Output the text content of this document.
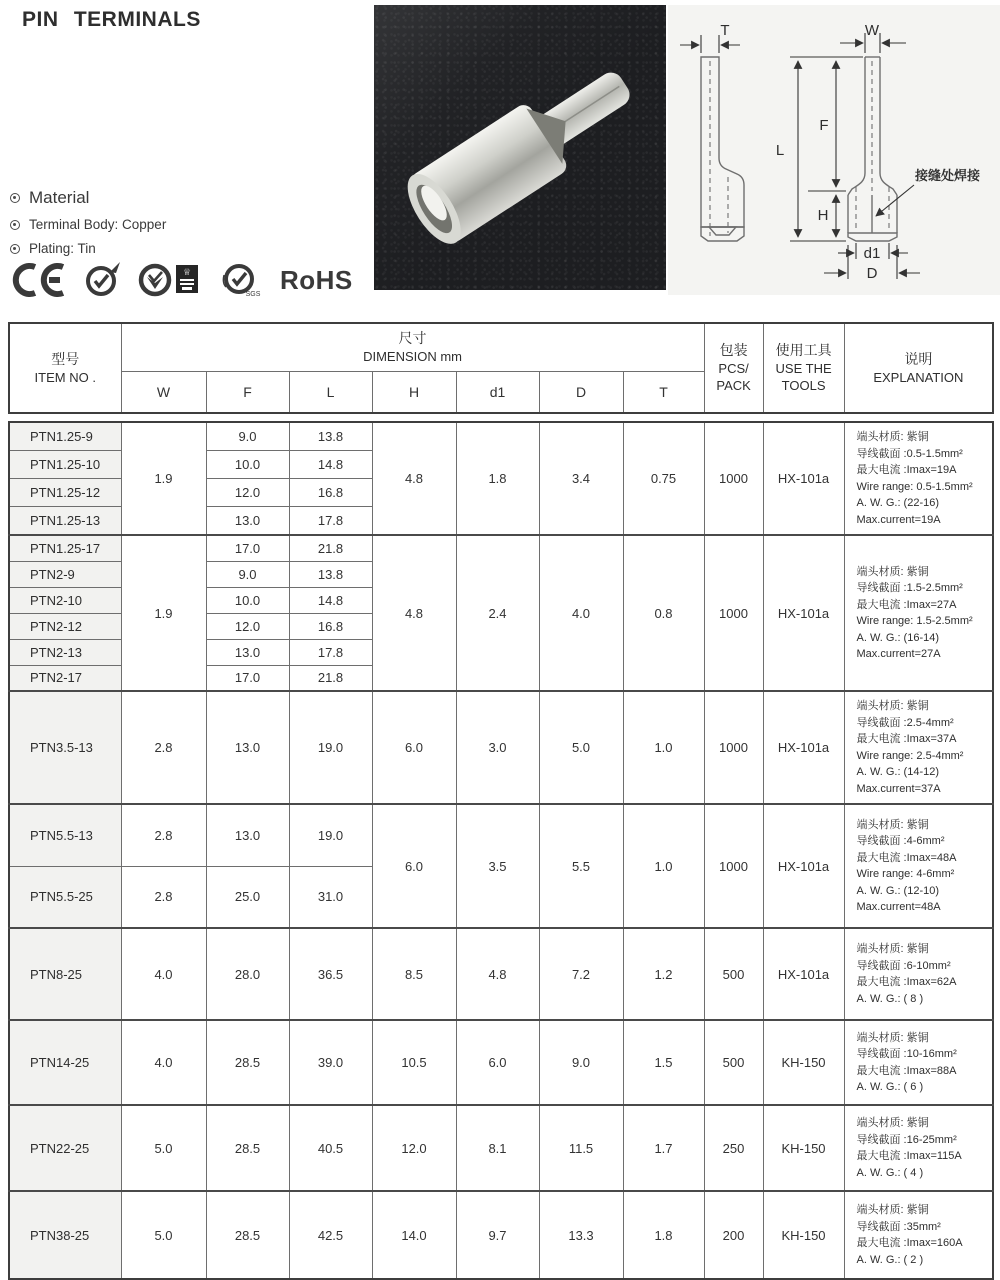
PIN TERMINALS
Material
Terminal Body: Copper
Plating: Tin
♕
SGS RoHS
T	W
L
F
H
d1
D
接缝处焊接
型号
ITEM NO .

尺寸
DIMENSION mm	包装
PCS/
PACK

使用工具
USE THE
TOOLS

说明
EXPLANATION

	W	F	L	H	d1	D	T			
PTN1.25-9	1.9	9.0	13.8	4.8	1.8	3.4	0.75	1000	HX-101a	
端头材质: 紫铜
导线截面 :0.5-1.5mm²
最大电流 :Imax=19A
Wire range: 0.5-1.5mm²
A. W. G.: (22-16)
Max.current=19A

PTN1.25-10		10.0	14.8							
PTN1.25-12		12.0	16.8							
PTN1.25-13		13.0	17.8							
PTN1.25-17	1.9	17.0	21.8	4.8	2.4	4.0	0.8	1000	HX-101a	
端头材质: 紫铜
导线截面 :1.5-2.5mm²
最大电流 :Imax=27A
Wire range: 1.5-2.5mm²
A. W. G.: (16-14)
Max.current=27A

PTN2-9		9.0	13.8							
PTN2-10		10.0	14.8							
PTN2-12		12.0	16.8							
PTN2-13		13.0	17.8							
PTN2-17		17.0	21.8							
PTN3.5-13	2.8	13.0	19.0	6.0	3.0	5.0	1.0	1000	HX-101a	
端头材质: 紫铜
导线截面 :2.5-4mm²
最大电流 :Imax=37A
Wire range: 2.5-4mm²
A. W. G.: (14-12)
Max.current=37A

PTN5.5-13	2.8	13.0	19.0	6.0	3.5	5.5	1.0	1000	HX-101a	
端头材质: 紫铜
导线截面 :4-6mm²
最大电流 :Imax=48A
Wire range: 4-6mm²
A. W. G.: (12-10)
Max.current=48A

PTN5.5-25	2.8	25.0	31.0							
PTN8-25	4.0	28.0	36.5	8.5	4.8	7.2	1.2	500	HX-101a	端头材质: 紫铜
导线截面 :6-10mm²
最大电流 :Imax=62A
A. W. G.: ( 8 )

PTN14-25	4.0	28.5	39.0	10.5	6.0	9.0	1.5	500	KH-150	端头材质: 紫铜
导线截面 :10-16mm²
最大电流 :Imax=88A
A. W. G.: ( 6 )

PTN22-25	5.0	28.5	40.5	12.0	8.1	11.5	1.7	250	KH-150	端头材质: 紫铜
导线截面 :16-25mm²
最大电流 :Imax=115A
A. W. G.: ( 4 )

PTN38-25	5.0	28.5	42.5	14.0	9.7	13.3	1.8	200	KH-150	端头材质: 紫铜
导线截面 :35mm²
最大电流 :Imax=160A
A. W. G.: ( 2 )
